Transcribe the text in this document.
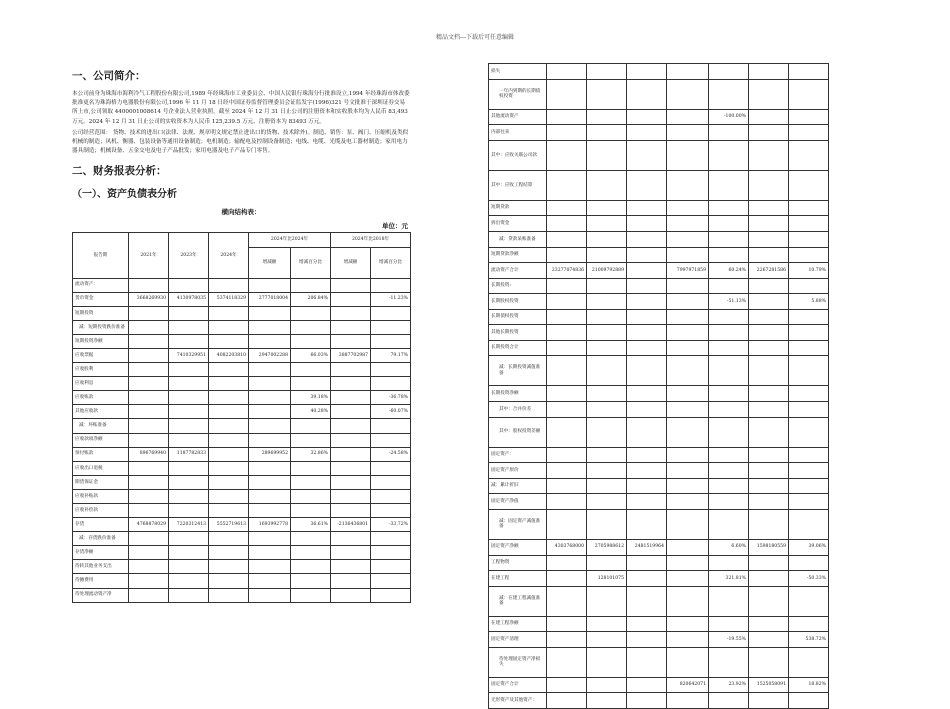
精品文档---下载后可任意编辑
一、公司简介：

本公司前身为珠海市海利冷气工程股份有限公司,1989 年经珠海市工业委员会、中国人民银行珠海分行批准设立,1994 年经珠海市体改委批准更名为珠海格力电器股份有限公司,1996 年 11 月 18 日经中国证券监督管理委员会证监发字(1996)321 号文批准于深圳证券交易所上市,公司领取 4400001008614 号企业法人营业执照。截至 2024 年 12 月 31 日止公司的注册资本和实收股本均为人民币 83,493 万元。2024 年 12 月 31 日止公司的实收资本为人民币 125,239.5 万元、注册资本为 83493 万元。

公司经营范围： 货物、技术的进出口(法律、法规、规章明文规定禁止进出口的货物、技术除外)。制造、销售：泵、阀门、压缩机及类似机械的制造；风机、衡器、包装设备等通用设备制造；电机制造；输配电及控制设备制造；电线、电缆、光缆及电工器材制造；家用电力器具制造；机械设备、五金交电及电子产品批发；家用电器及电子产品专门零售。

二、财务报表分析：
（一）、资产负债表分析
横向结构表：
单位：元
报告期	2021年	2023年	2024年	2024年比2024年		2024年比2018年	
				增减额	增减百分比	增减额	增减百分比
流动资产：							
货币资金	3668269930	4130978035	5374118329	2777018004	206.84%		-11.23%
短期投资							
减：短期投资跌价准备							
短期投资净额							
应收票据		7410329951	4082203810	2947002288	66.03%	3887702987	79.17%
应收股利							
应收利息							
应收账款					39.18%		-36.78%
其他应收款					40.28%		-60.07%
减：坏账准备							
应收款项净额							
预付账款	896769940	1187782833		289699952	32.86%		-24.58%
应收出口退税							
期货保证金							
应收补贴款							
应收补偿款							
存货	4768878029	7220312413	5552719613	1693992778	36.61%	-2136436801	-33.72%
减：存货跌价准备							
存货净额							
待转其他业务支出							
待摊费用							
待处理流动资产净							
损失							
一年内到期的长期债权投资							
其他流动资产					-100.00%		
内部往来							
其中：应收关联公司款							
其中：应收工程结算							
短期贷款							
拆出资金							
减：贷款呆账准备							
短期贷款净额							
流动资产合计	23277074836	21009792889		7997971859	60.24%	2267281586	10.79%
长期投资:							
长期股权投资					-51.13%		5.88%
长期债权投资							
其他长期投资							
长期投资合计							
减：长期投资减值准备							
长期投资净额							
其中：合并价差							
其中：股权投资差额							
固定资产：							
固定资产原价							
减：累计折旧							
固定资产净值							
减：固定资产减值准备							
固定资产净额	4303768000	2705988612	2481519964		6.60%	1598180559	39.06%
工程物资							
在建工程		128101075			321.81%		-50.33%
减：在建工程减值准备							
在建工程净额							
固定资产清理					-19.55%		538.72%
待处理固定资产净损失							
固定资产合计				820642071	23.92%	1525058091	18.82%
无形资产及其他资产：							
